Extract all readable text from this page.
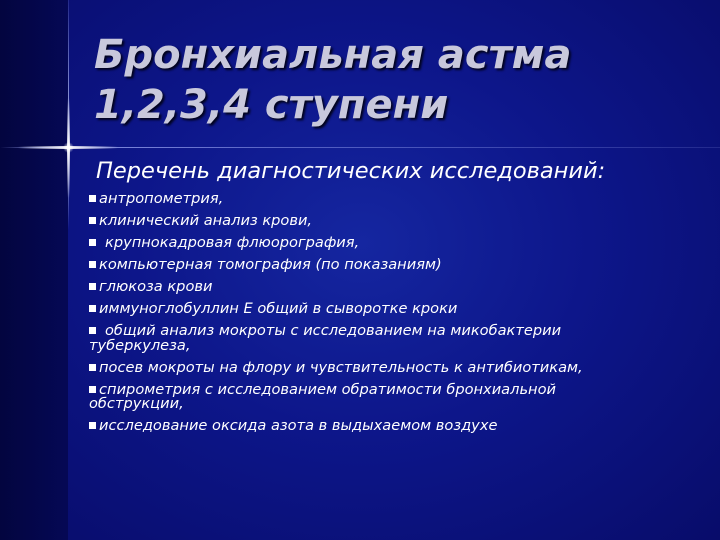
Бронхиальная астма
1,2,3,4 ступени
Перечень диагностических исследований:
антропометрия,
клинический анализ крови,
крупнокадровая флюорография,
компьютерная томография (по показаниям)
глюкоза крови
иммуноглобуллин Е общий в сыворотке кроки
общий анализ мокроты с исследованием на микобактерии туберкулеза,
посев мокроты на флору и чувствительность к антибиотикам,
спирометрия с исследованием обратимости бронхиальной обструкции,
исследование оксида азота в выдыхаемом воздухе
